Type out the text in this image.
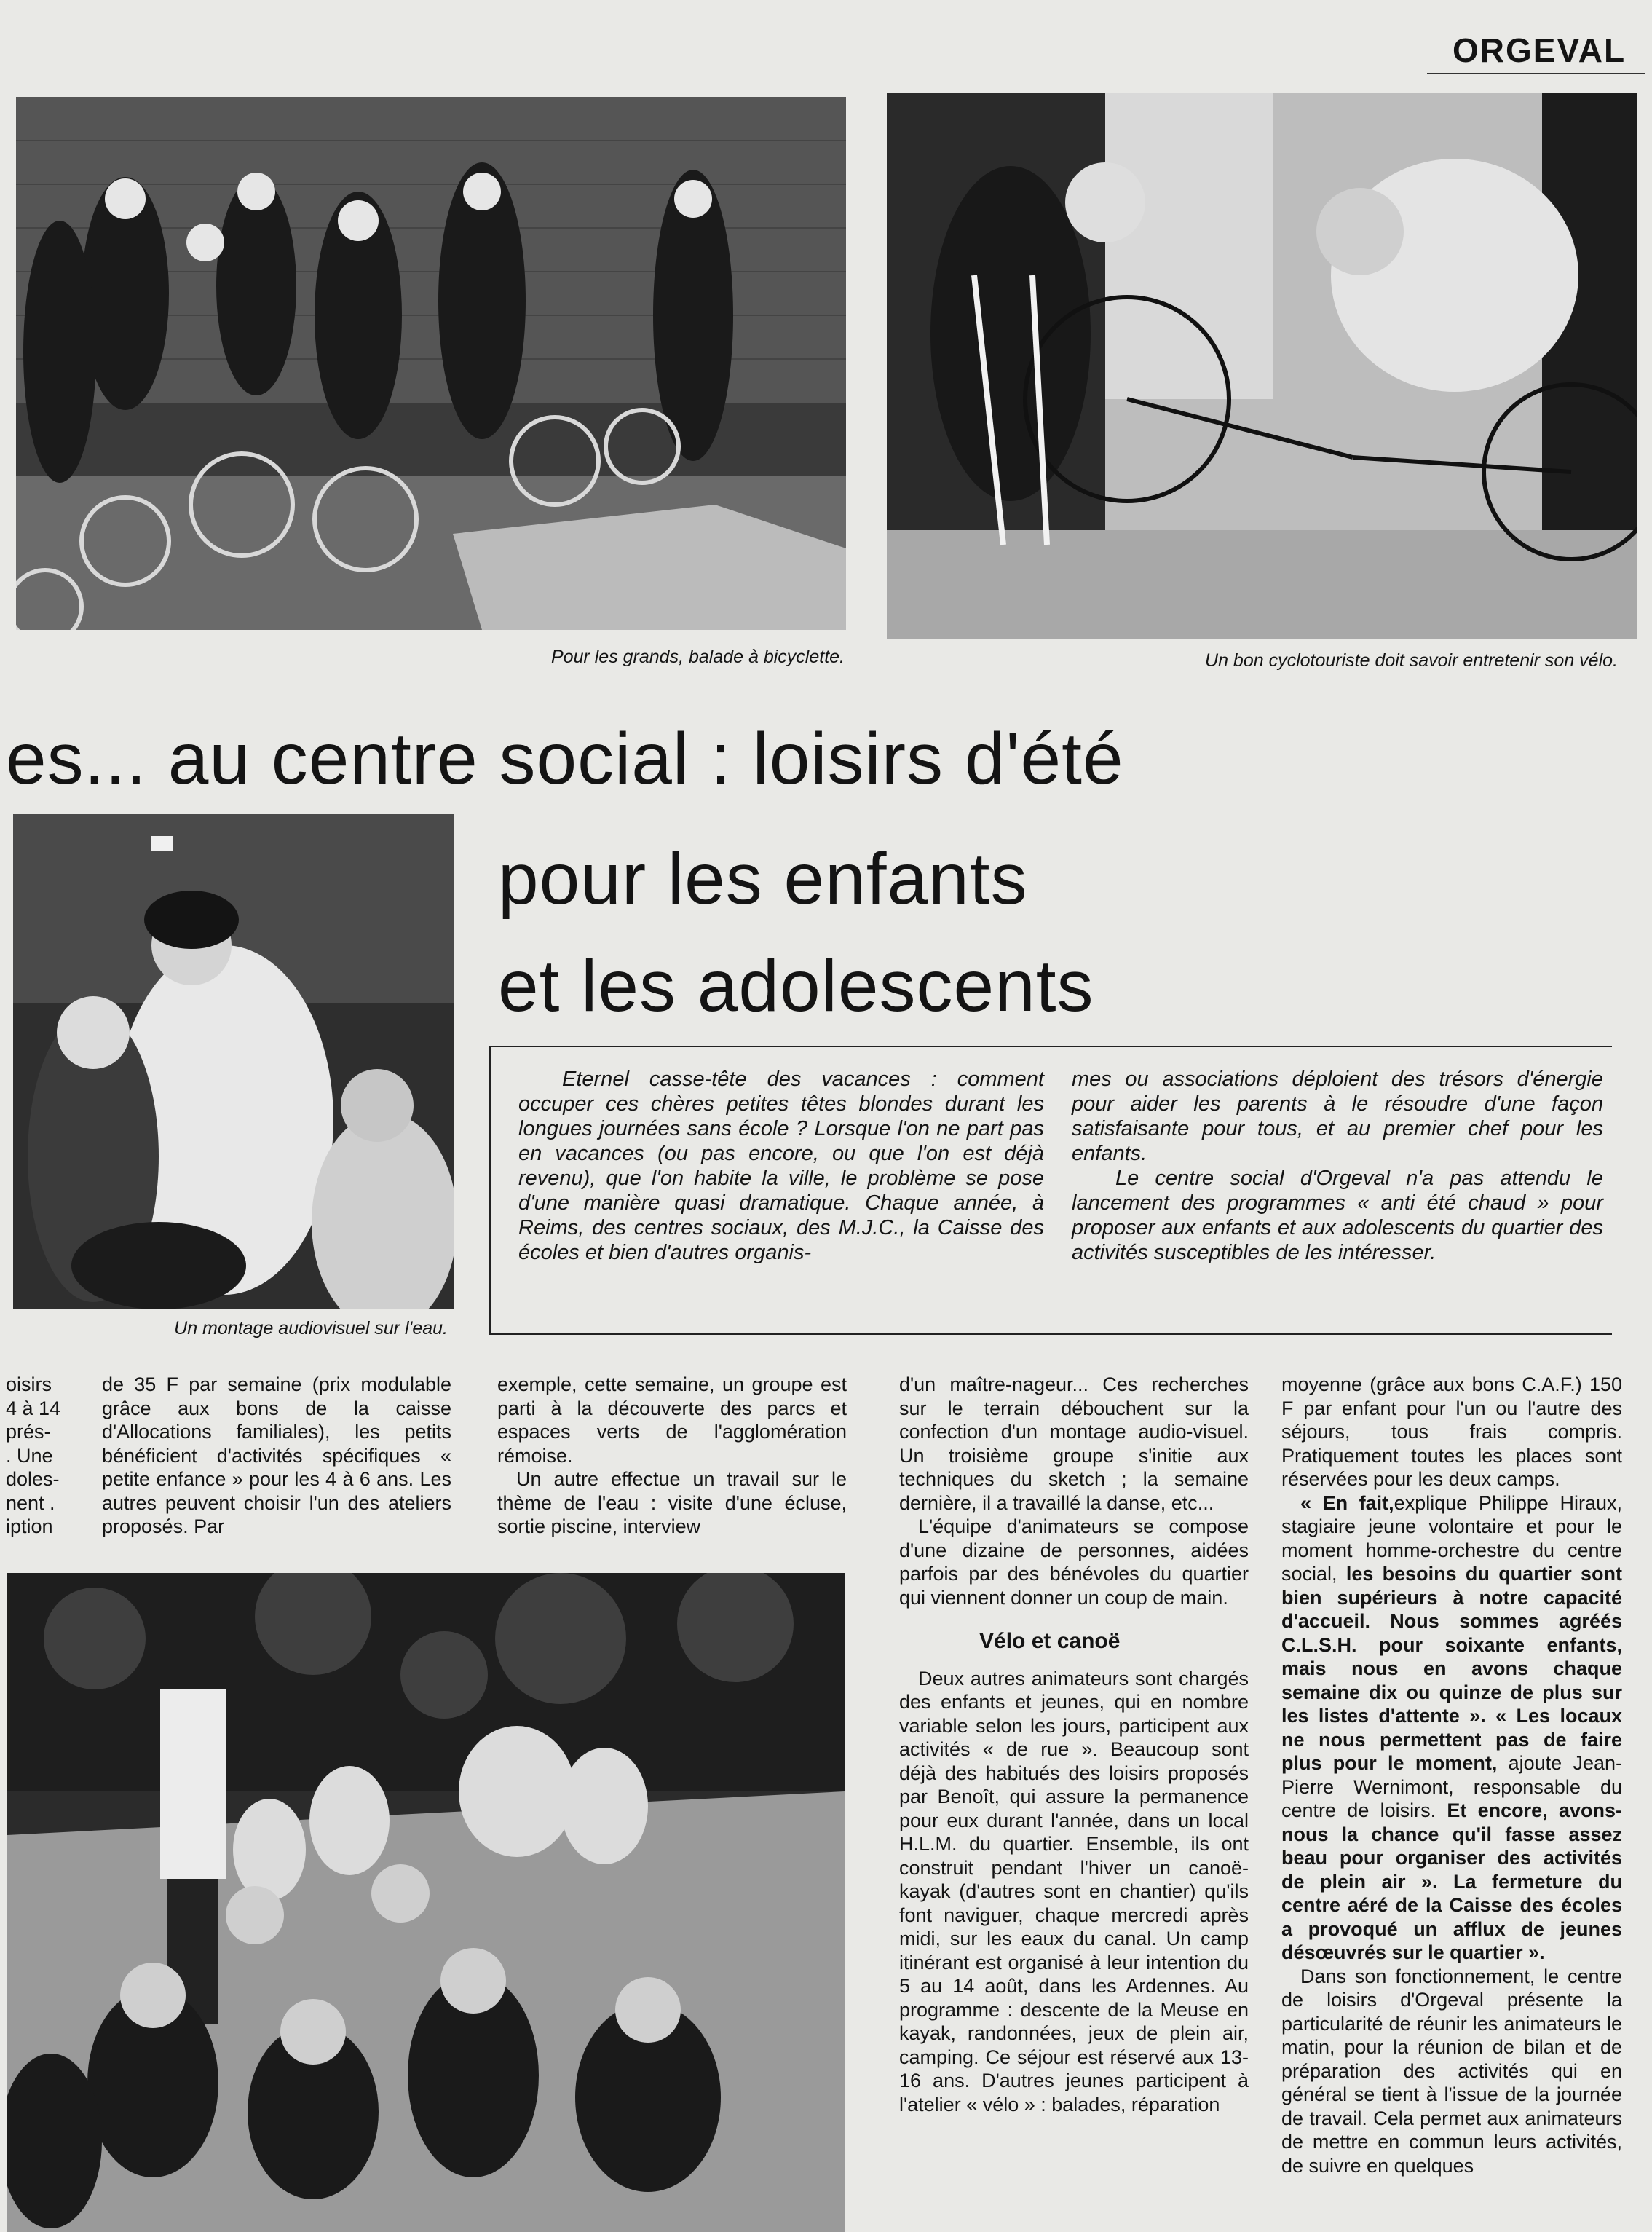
ORGEVAL
Pour les grands, balade à bicyclette.	Un bon cyclotouriste doit savoir entretenir son vélo.
es... au centre social : loisirs d'été
pour les enfants
et les adolescents
Un montage audiovisuel sur l'eau.

Eternel casse-tête des vacances : comment occuper ces chères petites têtes blondes durant les longues journées sans école ? Lorsque l'on ne part pas en vacances (ou pas encore, ou que l'on est déjà revenu), que l'on habite la ville, le problème se pose d'une manière quasi dramatique. Chaque année, à Reims, des centres sociaux, des M.J.C., la Caisse des écoles et bien d'autres organis-

mes ou associations déploient des trésors d'énergie pour aider les parents à le résoudre d'une façon satisfaisante pour tous, et au premier chef pour les enfants.

Le centre social d'Orgeval n'a pas attendu le lancement des programmes « anti été chaud » pour proposer aux enfants et aux adolescents du quartier des activités susceptibles de les intéresser.

oisirs
4 à 14
prés-
. Une
doles-
nent .
iption

de 35 F par semaine (prix modulable grâce aux bons de la caisse d'Allocations familiales), les petits bénéficient d'activités spécifiques « petite enfance » pour les 4 à 6 ans. Les autres peuvent choisir l'un des ateliers proposés. Par

exemple, cette semaine, un groupe est parti à la découverte des parcs et espaces verts de l'agglomération rémoise.

Un autre effectue un travail sur le thème de l'eau : visite d'une écluse, sortie piscine, interview

d'un maître-nageur... Ces recherches sur le terrain débouchent sur la confection d'un montage audio-visuel. Un troisième groupe s'initie aux techniques du sketch ; la semaine dernière, il a travaillé la danse, etc...

L'équipe d'animateurs se compose d'une dizaine de personnes, aidées parfois par des bénévoles du quartier qui viennent donner un coup de main.

Vélo et canoë

Deux autres animateurs sont chargés des enfants et jeunes, qui en nombre variable selon les jours, participent aux activités « de rue ». Beaucoup sont déjà des habitués des loisirs proposés par Benoît, qui assure la permanence pour eux durant l'année, dans un local H.L.M. du quartier. Ensemble, ils ont construit pendant l'hiver un canoë-kayak (d'autres sont en chantier) qu'ils font naviguer, chaque mercredi après midi, sur les eaux du canal. Un camp itinérant est organisé à leur intention du 5 au 14 août, dans les Ardennes. Au programme : descente de la Meuse en kayak, randonnées, jeux de plein air, camping. Ce séjour est réservé aux 13-16 ans. D'autres jeunes participent à l'atelier « vélo » : balades, réparation

moyenne (grâce aux bons C.A.F.) 150 F par enfant pour l'un ou l'autre des séjours, tous frais compris. Pratiquement toutes les places sont réservées pour les deux camps.

« En fait,explique Philippe Hiraux, stagiaire jeune volontaire et pour le moment homme-orchestre du centre social, les besoins du quartier sont bien supérieurs à notre capacité d'accueil. Nous sommes agréés C.L.S.H. pour soixante enfants, mais nous en avons chaque semaine dix ou quinze de plus sur les listes d'attente ». « Les locaux ne nous permettent pas de faire plus pour le moment, ajoute Jean-Pierre Wernimont, responsable du centre de loisirs. Et encore, avons-nous la chance qu'il fasse assez beau pour organiser des activités de plein air ». La fermeture du centre aéré de la Caisse des écoles a provoqué un afflux de jeunes désœuvrés sur le quartier ».

Dans son fonctionnement, le centre de loisirs d'Orgeval présente la particularité de réunir les animateurs le matin, pour la réunion de bilan et de préparation des activités qui en général se tient à l'issue de la journée de travail. Cela permet aux animateurs de mettre en commun leurs activités, de suivre en quelques
